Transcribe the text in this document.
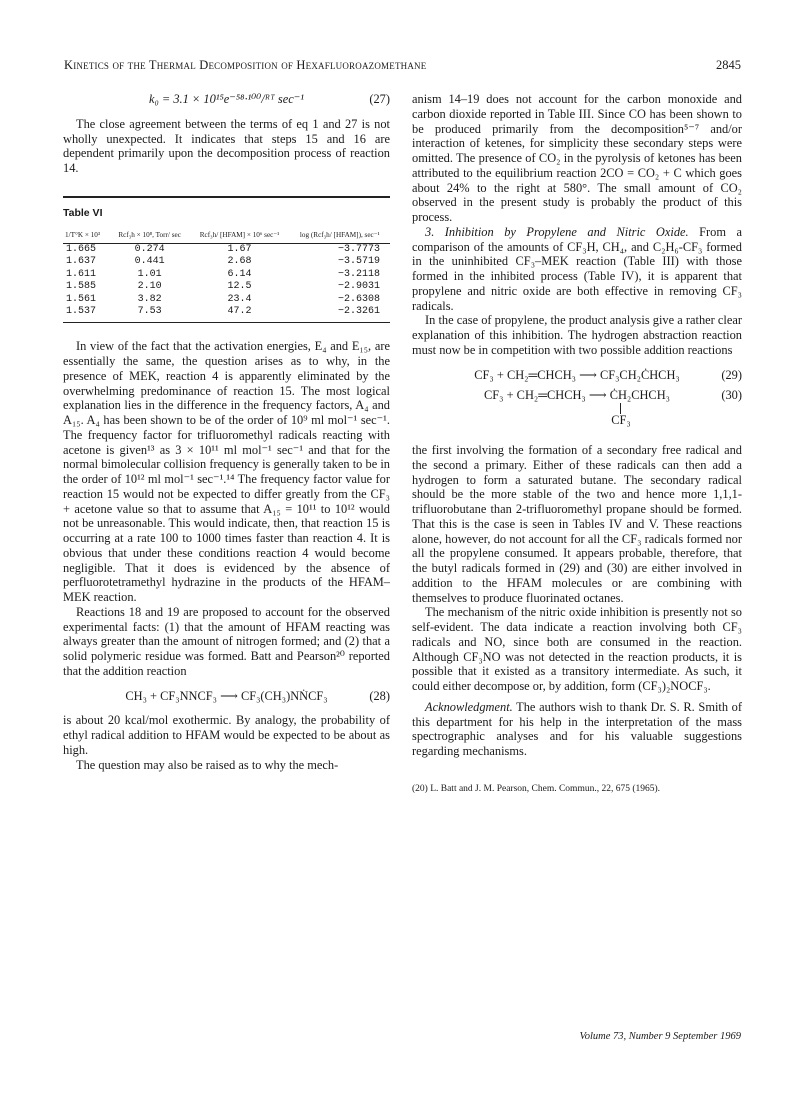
Kinetics of the Thermal Decomposition of Hexafluoroazomethane	2845
k₀ = 3.1 × 10¹⁵e⁻⁵⁸·¹⁰⁰/ᴿᵀ sec⁻¹	(27)

The close agreement between the terms of eq 1 and 27 is not wholly unexpected. It indicates that steps 15 and 16 are dependent primarily upon the decomposition process of reaction 14.

Table VI
1/T°K × 10³	Rcf₃h × 10⁸, Torr/ sec	Rcf₃h/ [HFAM] × 10⁶ sec⁻¹	log (Rcf₃h/ [HFAM]), sec⁻¹

1.665	0.274	1.67	−3.7773
1.637	0.441	2.68	−3.5719
1.611	1.01	6.14	−3.2118
1.585	2.10	12.5	−2.9031
1.561	3.82	23.4	−2.6308
1.537	7.53	47.2	−2.3261

In view of the fact that the activation energies, E₄ and E₁₅, are essentially the same, the question arises as to why, in the presence of MEK, reaction 4 is apparently eliminated by the overwhelming predominance of reaction 15. The most logical explanation lies in the difference in the frequency factors, A₄ and A₁₅. A₄ has been shown to be of the order of 10⁹ ml mol⁻¹ sec⁻¹. The frequency factor for trifluoromethyl radicals reacting with acetone is given¹³ as 3 × 10¹¹ ml mol⁻¹ sec⁻¹ and that for the normal bimolecular collision frequency is generally taken to be in the order of 10¹² ml mol⁻¹ sec⁻¹.¹⁴ The frequency factor value for reaction 15 would not be expected to differ greatly from the CF₃ + acetone value so that to assume that A₁₅ = 10¹¹ to 10¹² would not be unreasonable. This would indicate, then, that reaction 15 is occurring at a rate 100 to 1000 times faster than reaction 4. It is obvious that under these conditions reaction 4 would become negligible. That it does is evidenced by the absence of perfluorotetramethyl hydrazine in the products of the HFAM–MEK reaction.

Reactions 18 and 19 are proposed to account for the observed experimental facts: (1) that the amount of HFAM reacting was always greater than the amount of nitrogen formed; and (2) that a solid polymeric residue was formed. Batt and Pearson²⁰ reported that the addition reaction

CH₃ + CF₃NNCF₃ ⟶ CF₃(CH₃)NṄCF₃	(28)

is about 20 kcal/mol exothermic. By analogy, the probability of ethyl radical addition to HFAM would be expected to be about as high.

The question may also be raised as to why the mech-

anism 14–19 does not account for the carbon monoxide and carbon dioxide reported in Table III. Since CO has been shown to be produced primarily from the decomposition⁵⁻⁷ and/or interaction of ketenes, for simplicity these secondary steps were omitted. The presence of CO₂ in the pyrolysis of ketones has been attributed to the equilibrium reaction 2CO = CO₂ + C which goes about 24% to the right at 580°. The small amount of CO₂ observed in the present study is probably the product of this process.

3. Inhibition by Propylene and Nitric Oxide. From a comparison of the amounts of CF₃H, CH₄, and C₂H₆-CF₃ formed in the uninhibited CF₃–MEK reaction (Table III) with those formed in the inhibited process (Table IV), it is apparent that propylene and nitric oxide are both effective in removing CF₃ radicals.

In the case of propylene, the product analysis give a rather clear explanation of this inhibition. The hydrogen abstraction reaction must now be in competition with two possible addition reactions

CF₃ + CH₂═CHCH₃ ⟶ CF₃CH₂ĊHCH₃	(29)
CF₃ + CH₂═CHCH₃ ⟶ ĊH₂CHCH₃
CF₃
(30)

the first involving the formation of a secondary free radical and the second a primary. Either of these radicals can then add a hydrogen to form a saturated butane. The secondary radical should be the more stable of the two and hence more 1,1,1-trifluorobutane than 2-trifluoromethyl propane should be formed. That this is the case is seen in Tables IV and V. These reactions alone, however, do not account for all the CF₃ radicals formed nor all the propylene consumed. It appears probable, therefore, that the butyl radicals formed in (29) and (30) are either involved in addition to the HFAM molecules or are combining with themselves to produce fluorinated octanes.

The mechanism of the nitric oxide inhibition is presently not so self-evident. The data indicate a reaction involving both CF₃ radicals and NO, since both are consumed in the reaction. Although CF₃NO was not detected in the reaction products, it is possible that it existed as a transitory intermediate. As such, it could either decompose or, by addition, form (CF₃)₂NOCF₃.

Acknowledgment. The authors wish to thank Dr. S. R. Smith of this department for his help in the interpretation of the mass spectrographic analyses and for his valuable suggestions regarding mechanisms.

(20) L. Batt and J. M. Pearson, Chem. Commun., 22, 675 (1965).

Volume 73, Number 9 September 1969
